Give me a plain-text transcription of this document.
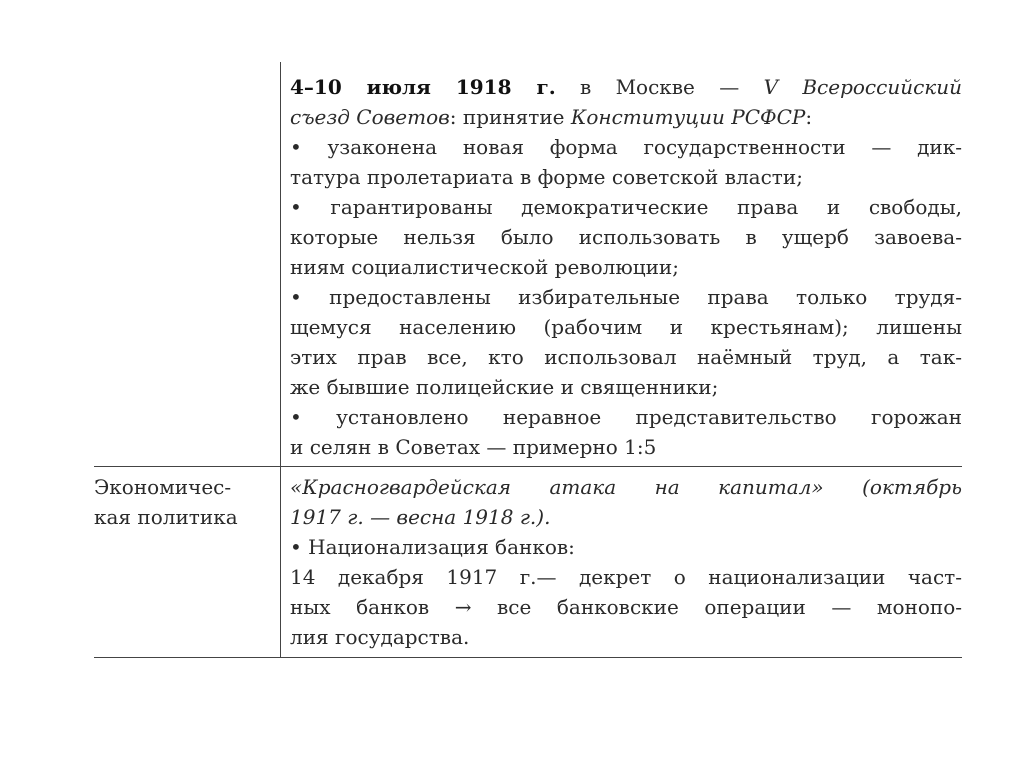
4–10 июля 1918 г. в Москве — V Всероссийский
съезд Советов: принятие Конституции РСФСР:
• узаконена новая форма государственности — дик-
татура пролетариата в форме советской власти;
• гарантированы демократические права и свободы,
которые нельзя было использовать в ущерб завоева-
ниям социалистической революции;
• предоставлены избирательные права только трудя-
щемуся населению (рабочим и крестьянам); лишены
этих прав все, кто использовал наёмный труд, а так-
же бывшие полицейские и священники;
• установлено неравное представительство горожан
и селян в Советах — примерно 1:5
Экономичес-
кая политика
«Красногвардейская атака на капитал» (октябрь
1917 г. — весна 1918 г.).
• Национализация банков:
14 декабря 1917 г.— декрет о национализации част-
ных банков → все банковские операции — монопо-
лия государства.
